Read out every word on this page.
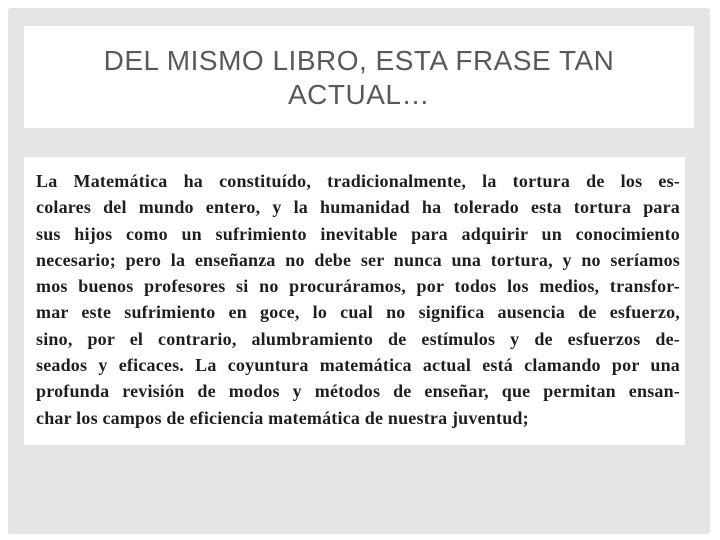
DEL MISMO LIBRO, ESTA FRASE TAN
ACTUAL…
La Matemática ha constituído, tradicionalmente, la tortura de los es-
colares del mundo entero, y la humanidad ha tolerado esta tortura para
sus hijos como un sufrimiento inevitable para adquirir un conocimiento
necesario; pero la enseñanza no debe ser nunca una tortura, y no seríamos
mos buenos profesores si no procuráramos, por todos los medios, transfor-
mar este sufrimiento en goce, lo cual no significa ausencia de esfuerzo,
sino, por el contrario, alumbramiento de estímulos y de esfuerzos de-
seados y eficaces. La coyuntura matemática actual está clamando por una
profunda revisión de modos y métodos de enseñar, que permitan ensan-
char los campos de eficiencia matemática de nuestra juventud;
